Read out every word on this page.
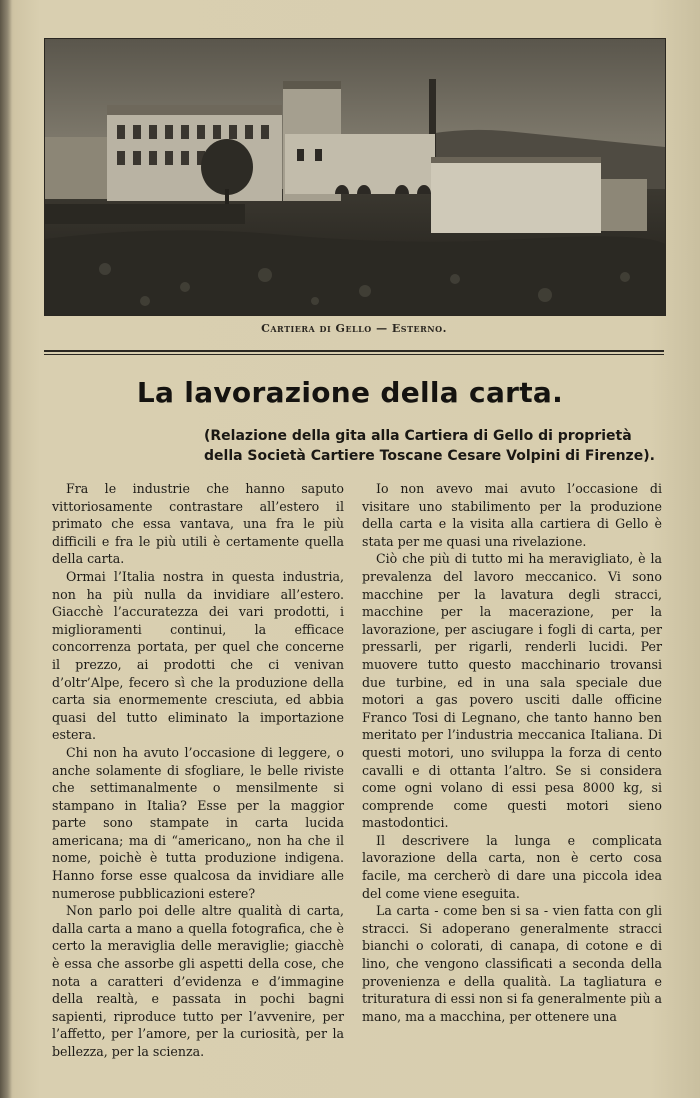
Cartiera di Gello — Esterno.
La lavorazione della carta.
(Relazione della gita alla Cartiera di Gello di proprietà della Società Cartiere Toscane Cesare Volpini di Firenze).

Fra le industrie che hanno saputo vittoriosamente contrastare all’estero il primato che essa vantava, una fra le più difficili e fra le più utili è certamente quella della carta.

Ormai l’Italia nostra in questa industria, non ha più nulla da invidiare all’estero. Giacchè l’accuratezza dei vari prodotti, i miglioramenti continui, la efficace concorrenza portata, per quel che concerne il prezzo, ai prodotti che ci venivan d’oltr’Alpe, fecero sì che la produzione della carta sia enormemente cresciuta, ed abbia quasi del tutto eliminato la importazione estera.

Chi non ha avuto l’occasione di leggere, o anche solamente di sfogliare, le belle riviste che settimanalmente o mensilmente si stampano in Italia? Esse per la maggior parte sono stampate in carta lucida americana; ma di “americano„ non ha che il nome, poichè è tutta produzione indigena. Hanno forse esse qualcosa da invidiare alle numerose pubblicazioni estere?

Non parlo poi delle altre qualità di carta, dalla carta a mano a quella fotografica, che è certo la meraviglia delle meraviglie; giacchè è essa che assorbe gli aspetti della cose, che nota a caratteri d’evidenza e d’immagine della realtà, e passata in pochi bagni sapienti, riproduce tutto per l’avvenire, per l’affetto, per l’amore, per la curiosità, per la bellezza, per la scienza.

Io non avevo mai avuto l’occasione di visitare uno stabilimento per la produzione della carta e la visita alla cartiera di Gello è stata per me quasi una rivelazione.

Ciò che più di tutto mi ha meravigliato, è la prevalenza del lavoro meccanico. Vi sono macchine per la lavatura degli stracci, macchine per la macerazione, per la lavorazione, per asciugare i fogli di carta, per pressarli, per rigarli, renderli lucidi. Per muovere tutto questo macchinario trovansi due turbine, ed in una sala speciale due motori a gas povero usciti dalle officine Franco Tosi di Legnano, che tanto hanno ben meritato per l’industria meccanica Italiana. Di questi motori, uno sviluppa la forza di cento cavalli e di ottanta l’altro. Se si considera come ogni volano di essi pesa 8000 kg, si comprende come questi motori sieno mastodontici.

Il descrivere la lunga e complicata lavorazione della carta, non è certo cosa facile, ma cercherò di dare una piccola idea del come viene eseguita.

La carta - come ben si sa - vien fatta con gli stracci. Si adoperano generalmente stracci bianchi o colorati, di canapa, di cotone e di lino, che vengono classificati a seconda della provenienza e della qualità. La tagliatura e trituratura di essi non si fa generalmente più a mano, ma a macchina, per ottenere una
